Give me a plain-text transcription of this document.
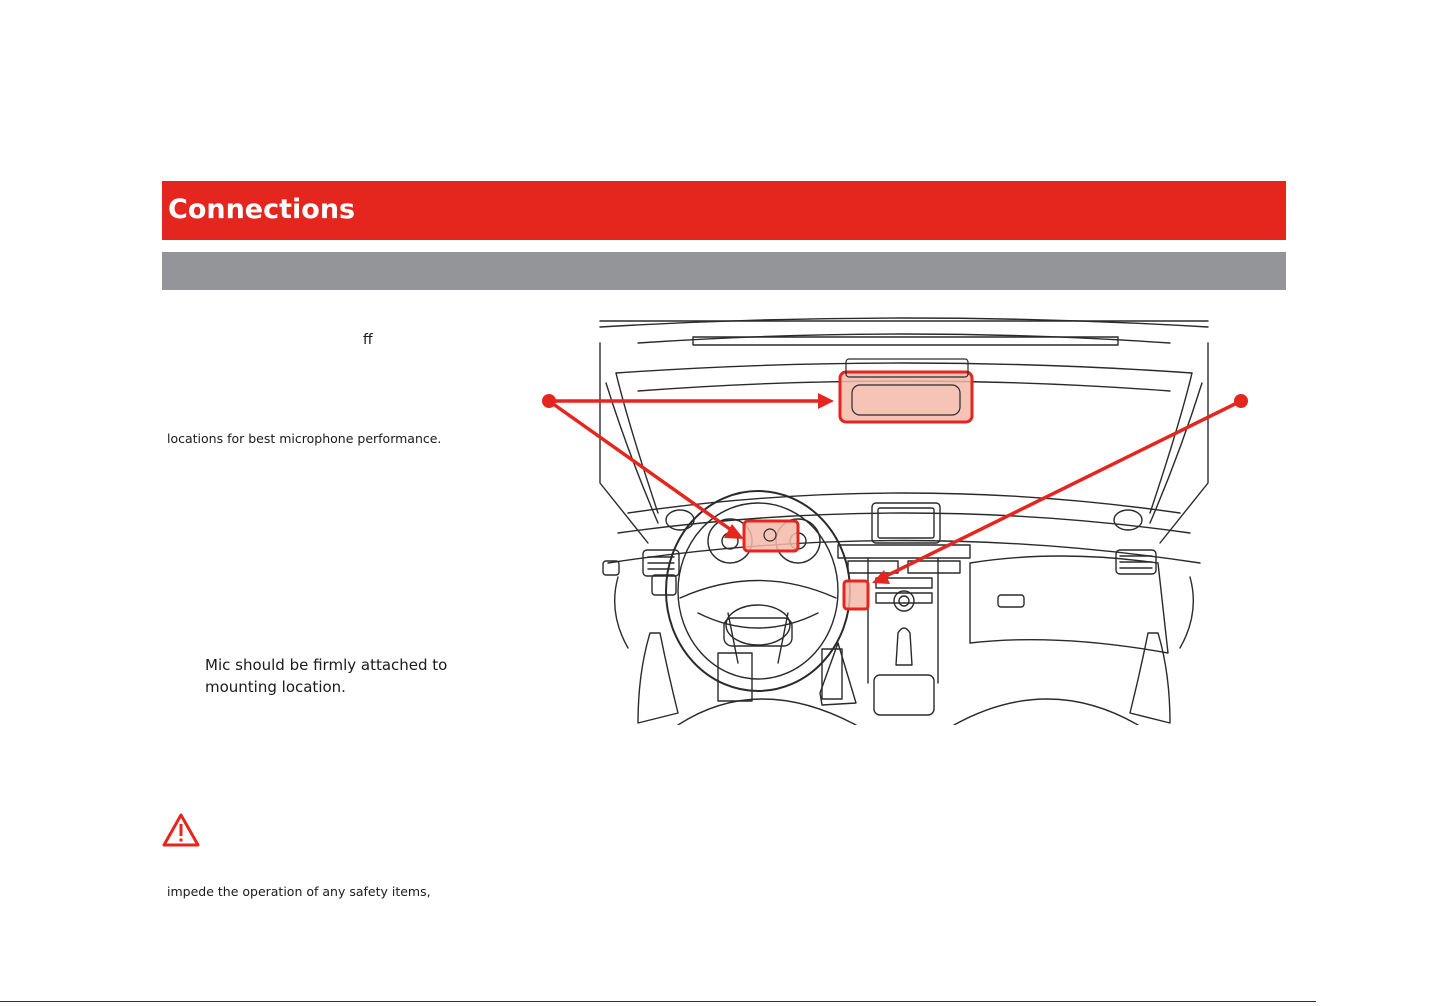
Connections
ff
locations for best microphone performance.
Mic should be firmly attached to
mounting location.
impede the operation of any safety items,
